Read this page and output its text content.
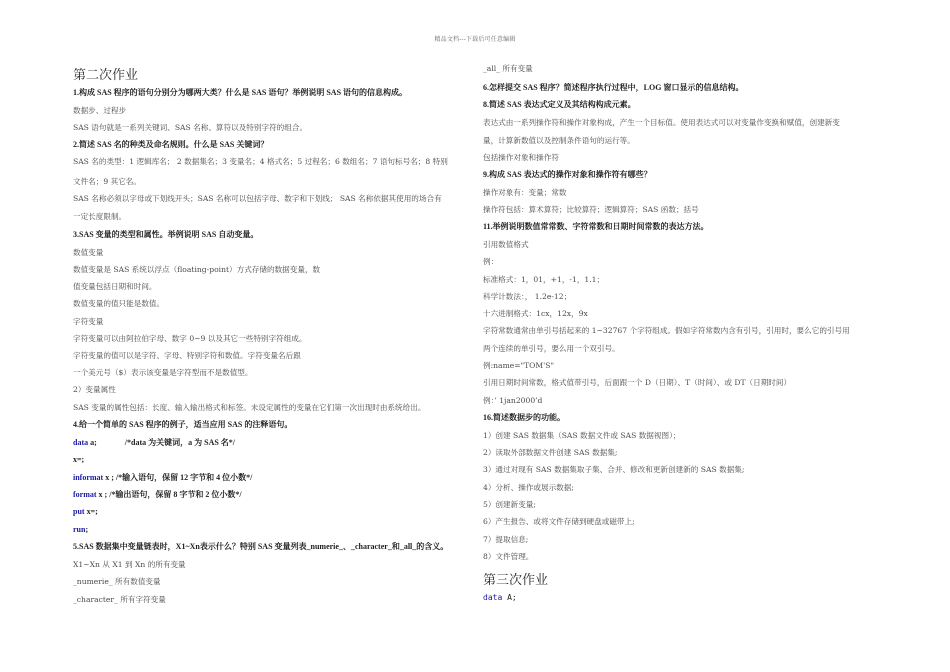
精品文档---下载后可任意编辑
第二次作业
1.构成 SAS 程序的语句分别分为哪两大类？什么是 SAS 语句？举例说明 SAS 语句的信息构成。
数据步、过程步
SAS 语句就是一系列关键词、SAS 名称、算符以及特别字符的组合。
2.简述 SAS 名的种类及命名规则。什么是 SAS 关键词？
SAS 名的类型：1 逻辑库名； 2 数据集名；3 变量名；4 格式名；5 过程名；6 数组名；7 语句标号名；8 特别
文件名；9 其它名。
SAS 名称必须以字母或下划线开头；SAS 名称可以包括字母、数字和下划线； SAS 名称依据其使用的场合有
一定长度限制。
3.SAS 变量的类型和属性。举例说明 SAS 自动变量。
数值变量
数值变量是 SAS 系统以浮点（floating-point）方式存储的数据变量，数
值变量包括日期和时间。
数值变量的值只能是数值。
字符变量
字符变量可以由阿拉伯字母、数字 0~9 以及其它一些特别字符组成。
字符变量的值可以是字符、字母、特别字符和数值。字符变量名后跟
一个美元号（$）表示该变量是字符型而不是数值型。
2）变量属性
SAS 变量的属性包括：长度、输入输出格式和标签。未设定属性的变量在它们第一次出现时由系统给出。
4.给一个简单的 SAS 程序的例子，适当应用 SAS 的注释语句。
data a;	/*data 为关键词，a 为 SAS 名*/
x=;
informat x ; /*输入语句，保留 12 字节和 4 位小数*/
format x ; /*输出语句，保留 8 字节和 2 位小数*/
put x=;
run;
5.SAS 数据集中变量链表时，X1~Xn表示什么？特别 SAS 变量列表_numerie_、_character_和_all_的含义。
X1~Xn 从 X1 到 Xn 的所有变量
_numerie_ 所有数值变量
_character_ 所有字符变量
_all_ 所有变量
6.怎样提交 SAS 程序？简述程序执行过程中，LOG 窗口显示的信息结构。
8.简述 SAS 表达式定义及其结构构成元素。
表达式由一系列操作符和操作对象构成，产生一个目标值。使用表达式可以对变量作变换和赋值，创建新变
量，计算新数值以及控制条件语句的运行等。
包括操作对象和操作符
9.构成 SAS 表达式的操作对象和操作符有哪些？
操作对象有：变量；常数
操作符包括：算术算符；比较算符；逻辑算符；SAS 函数；括号
11.举例说明数值常常数、字符常数和日期时间常数的表达方法。
引用数值格式
例：
标准格式：1，01，+1，-1，1.1；
科学计数法：， 1.2e-12；
十六进制格式：1cx，12x，9x
字符常数通常由单引号括起来的 1~32767 个字符组成。假如字符常数内含有引号，引用时，要么它的引号用
两个连续的单引号，要么用一个双引号。
例:name="TOM'S"
引用日期时间常数，格式值带引号，后面跟一个 D（日期）、T（时间）、或 DT（日期时间）
例：’ 1jan2000’d
16.简述数据步的功能。
1）创建 SAS 数据集（SAS 数据文件或 SAS 数据视图）；
2）读取外部数据文件创建 SAS 数据集;
3）通过对现有 SAS 数据集取子集、合并、修改和更新创建新的 SAS 数据集;
4）分析、操作或展示数据;
5）创建新变量;
6）产生报告、或将文件存储到硬盘或磁带上;
7）提取信息;
8）文件管理。
第三次作业
data A;
